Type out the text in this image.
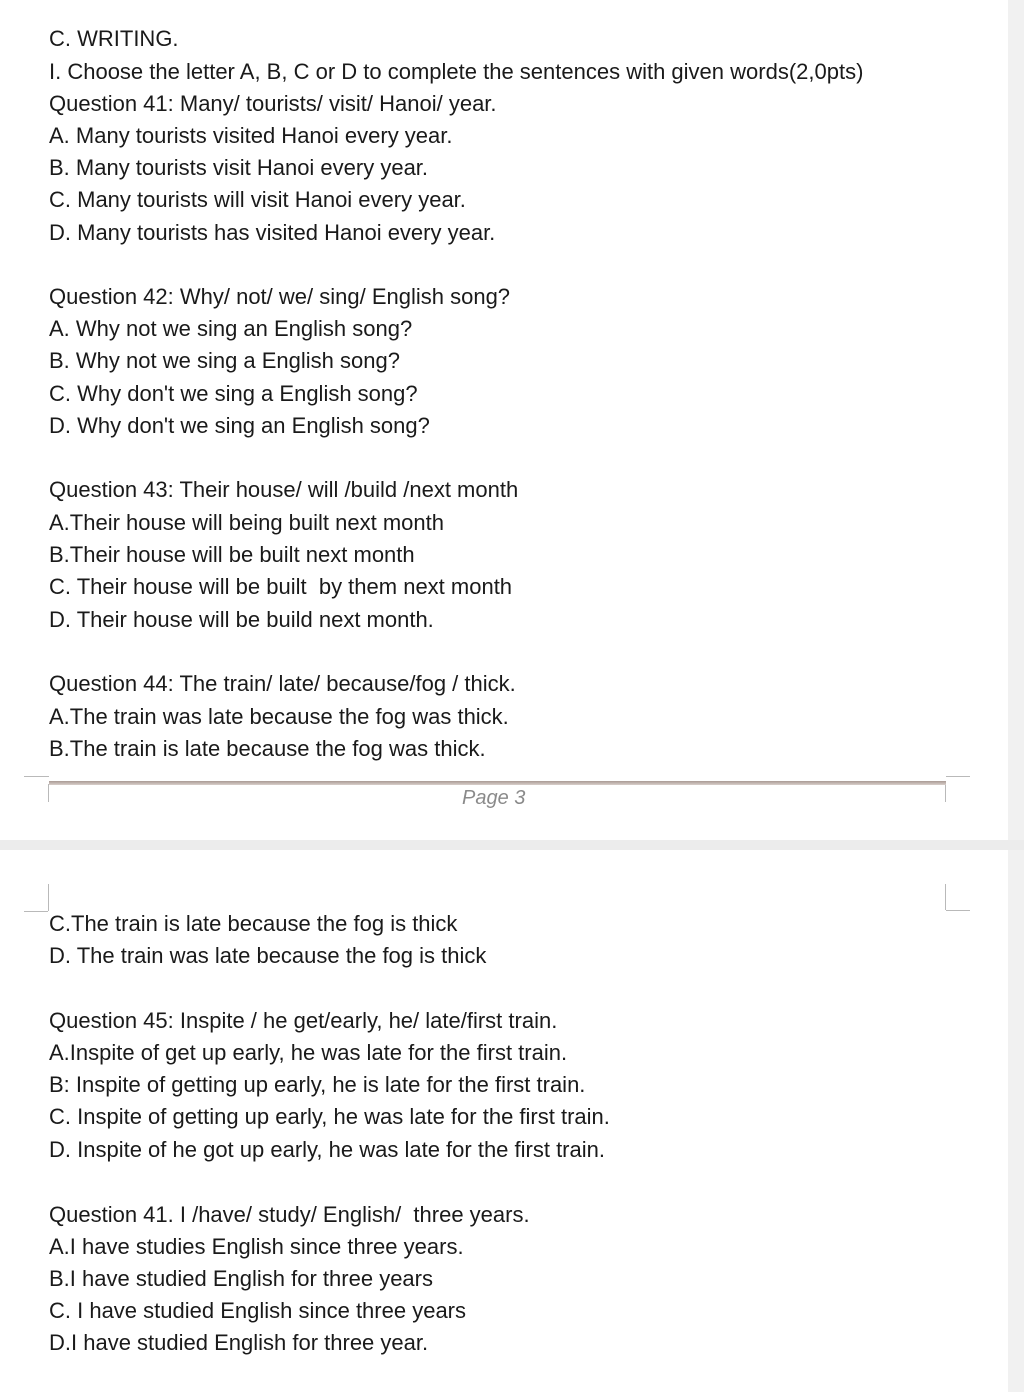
C. WRITING.

I. Choose the letter A, B, C or D to complete the sentences with given words(2,0pts)

Question 41: Many/ tourists/ visit/ Hanoi/ year.

A. Many tourists visited Hanoi every year.

B. Many tourists visit Hanoi every year.

C. Many tourists will visit Hanoi every year.

D. Many tourists has visited Hanoi every year.

Question 42: Why/ not/ we/ sing/ English song?

A. Why not we sing an English song?

B. Why not we sing a English song?

C. Why don't we sing a English song?

D. Why don't we sing an English song?

Question 43: Their house/ will /build /next month

A.Their house will being built next month

B.Their house will be built next month

C. Their house will be built  by them next month

D. Their house will be build next month.

Question 44: The train/ late/ because/fog / thick.

A.The train was late because the fog was thick.

B.The train is late because the fog was thick.

Page 3

C.The train is late because the fog is thick

D. The train was late because the fog is thick

Question 45: Inspite / he get/early, he/ late/first train.

A.Inspite of get up early, he was late for the first train.

B: Inspite of getting up early, he is late for the first train.

C. Inspite of getting up early, he was late for the first train.

D. Inspite of he got up early, he was late for the first train.

Question 41. I /have/ study/ English/  three years.

A.I have studies English since three years.

B.I have studied English for three years

C. I have studied English since three years

D.I have studied English for three year.
